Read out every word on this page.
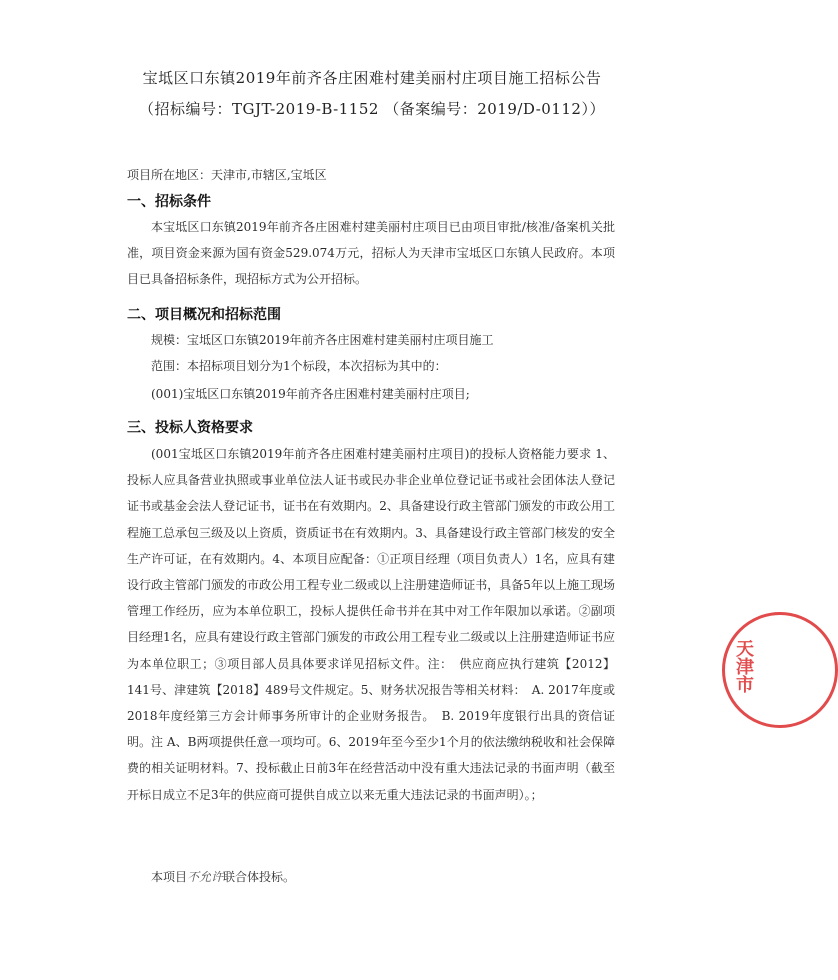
宝坻区口东镇2019年前齐各庄困难村建美丽村庄项目施工招标公告
（招标编号：TGJT-2019-B-1152 （备案编号：2019/D-0112））
项目所在地区：天津市,市辖区,宝坻区
一、招标条件

本宝坻区口东镇2019年前齐各庄困难村建美丽村庄项目已由项目审批/核准/备案机关批准，项目资金来源为国有资金529.074万元，招标人为天津市宝坻区口东镇人民政府。本项目已具备招标条件，现招标方式为公开招标。

二、项目概况和招标范围

规模：宝坻区口东镇2019年前齐各庄困难村建美丽村庄项目施工

范围：本招标项目划分为1个标段，本次招标为其中的：

(001)宝坻区口东镇2019年前齐各庄困难村建美丽村庄项目;

三、投标人资格要求

(001宝坻区口东镇2019年前齐各庄困难村建美丽村庄项目)的投标人资格能力要求 1、投标人应具备营业执照或事业单位法人证书或民办非企业单位登记证书或社会团体法人登记证书或基金会法人登记证书，证书在有效期内。2、具备建设行政主管部门颁发的市政公用工程施工总承包三级及以上资质，资质证书在有效期内。3、具备建设行政主管部门核发的安全生产许可证，在有效期内。4、本项目应配备：①正项目经理（项目负责人）1名，应具有建设行政主管部门颁发的市政公用工程专业二级或以上注册建造师证书，具备5年以上施工现场管理工作经历，应为本单位职工，投标人提供任命书并在其中对工作年限加以承诺。②副项目经理1名，应具有建设行政主管部门颁发的市政公用工程专业二级或以上注册建造师证书应为本单位职工；③项目部人员具体要求详见招标文件。注：　供应商应执行建筑【2012】141号、津建筑【2018】489号文件规定。5、财务状况报告等相关材料：　A. 2017年度或2018年度经第三方会计师事务所审计的企业财务报告。　B. 2019年度银行出具的资信证明。注 A、B两项提供任意一项均可。6、2019年至今至少1个月的依法缴纳税收和社会保障费的相关证明材料。7、投标截止日前3年在经营活动中没有重大违法记录的书面声明（截至开标日成立不足3年的供应商可提供自成立以来无重大违法记录的书面声明）。；

本项目不允许联合体投标。
天津市
